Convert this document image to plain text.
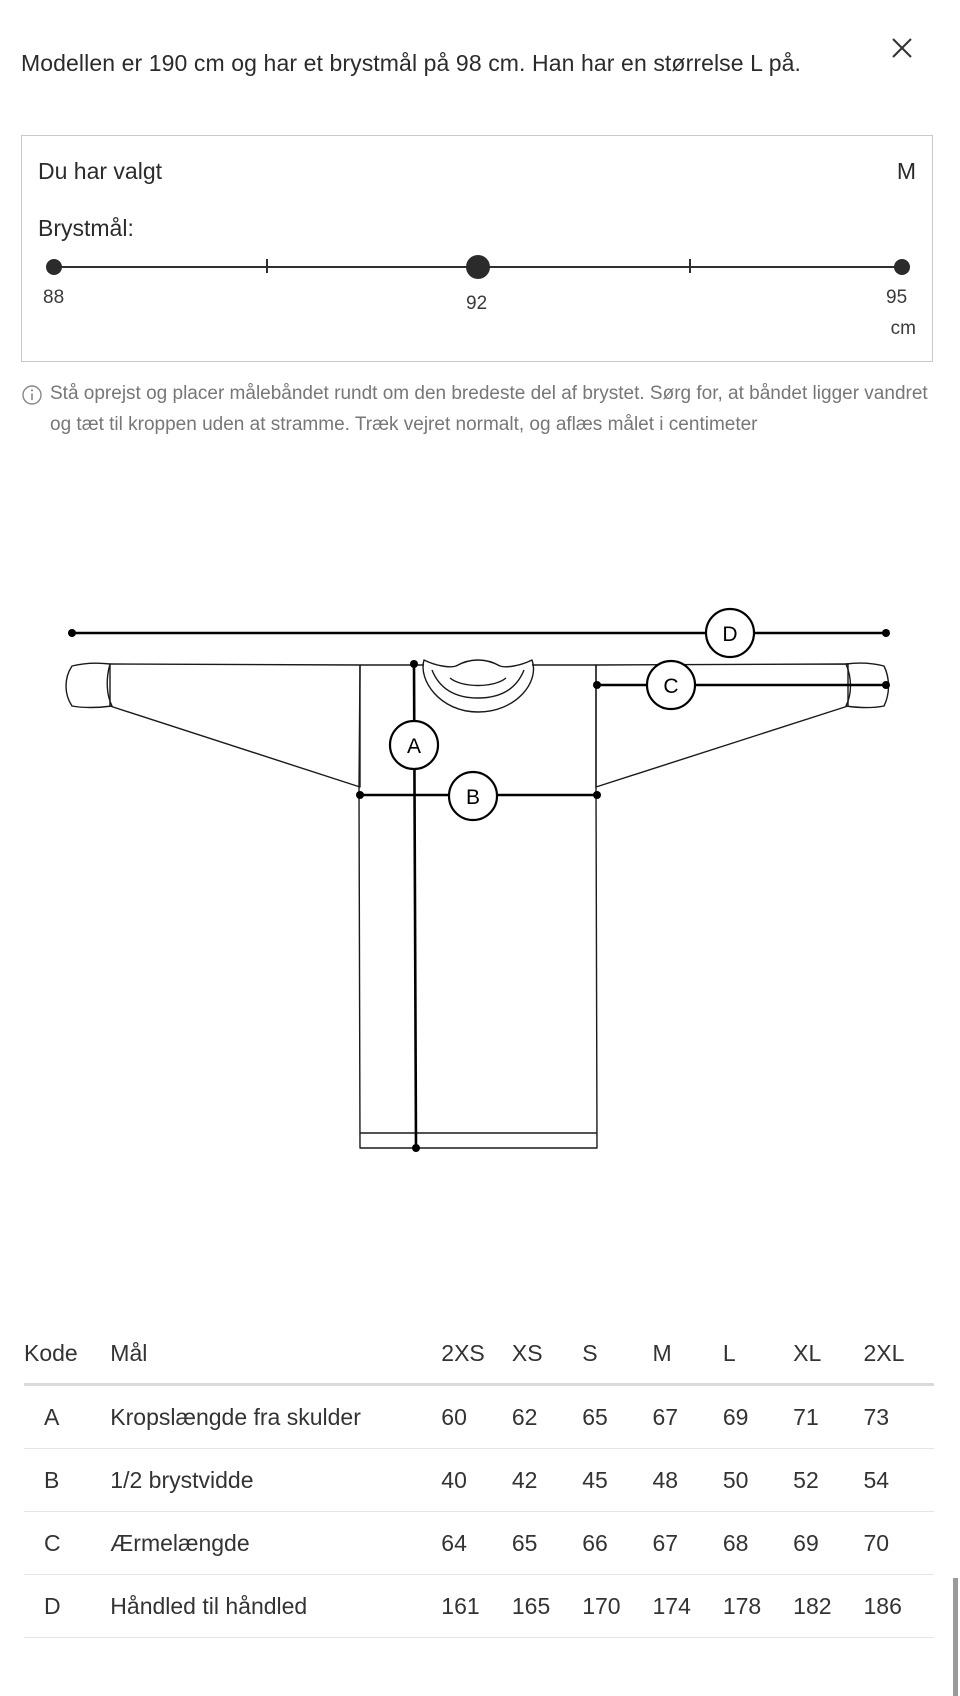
Modellen er 190 cm og har et brystmål på 98 cm. Han har en størrelse L på.
Du har valgt	M
Brystmål:
88	92	95
cm
Stå oprejst og placer målebåndet rundt om den bredeste del af brystet. Sørg for, at båndet ligger vandret og tæt til kroppen uden at stramme. Træk vejret normalt, og aflæs målet i centimeter
D
C
A
B
Kode	Mål	2XS	XS	S	M	L	XL	2XL
A	Kropslængde fra skulder	60	62	65	67	69	71	73
B	1/2 brystvidde	40	42	45	48	50	52	54
C	Ærmelængde	64	65	66	67	68	69	70
D	Håndled til håndled	161	165	170	174	178	182	186
